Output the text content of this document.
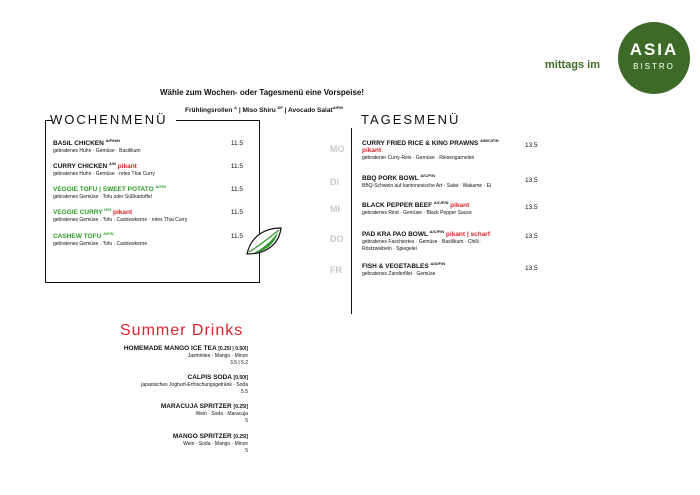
ASIA
BISTRO
mittags im
Wähle zum Wochen- oder Tagesmenü eine Vorspeise!
Frühlingsrollen $^A$ | Miso Shiru $^{DF}$ | Avocado Salat$^{AIF/N}$
WOCHENMENÜ
BASIL CHICKEN $^{A/F/H/N}$
gebratenes Huhn · Gemüse · Basilikum
11.5
CURRY CHICKEN $^{A/N}$ pikant
gebratenes Huhn · Gemüse · rotes Thai Curry
11.5
VEGGIE TOFU | SWEET POTATO $^{A/F/N}$
gebratenes Gemüse · Tofu oder Süßkartoffel
11.5
VEGGIE CURRY $^{H/N}$ pikant
gebratenes Gemüse · Tofu · Cashewkerne · rotes Thai Curry
11.5
CASHEW TOFU $^{A/F/N}$
gebratenes Gemüse · Tofu · Cashewkerne
11.5
TAGESMENÜ
MO
DI
MI
DO
FR
CURRY FRIED RICE & KING PRAWNS $^{A/B/C/F/N}$
pikant
gebratener Curry-Reis · Gemüse · Riesengarnelen
13.5
BBQ PORK BOWL $^{A/C/F/N}$
BBQ-Schwein auf kantonesische Art · Salat · Wakame · Ei
13.5
BLACK PEPPER BEEF $^{A/C/F/N}$ pikant
gebratenes Rind · Gemüse · Black Pepper Sauce
13.5
PAD KRA PAO BOWL $^{A/C/F/N}$ pikant | scharf
gebratenes Faschiertes · Gemüse · Basilikum · Chilli ·
Röstzwiebeln · Spiegelei
13.5
FISH & VEGETABLES $^{A/D/F/N}$
gebratenes Zanderfilet · Gemüse
13.5
Summer Drinks
HOMEMADE MANGO ICE TEA [0.25l | 0.50l]
Jasmintee · Mango · Minze
3.5 | 5.2
CALPIS SODA [0.50l]
japanisches Joghurt-Erfrischungsgetränk · Soda
5.5
MARACUJA SPRITZER [0.25l]
Wein · Soda · Maracuja
5
MANGO SPRITZER [0.25l]
Wein · Soda · Mango · Minze
5
